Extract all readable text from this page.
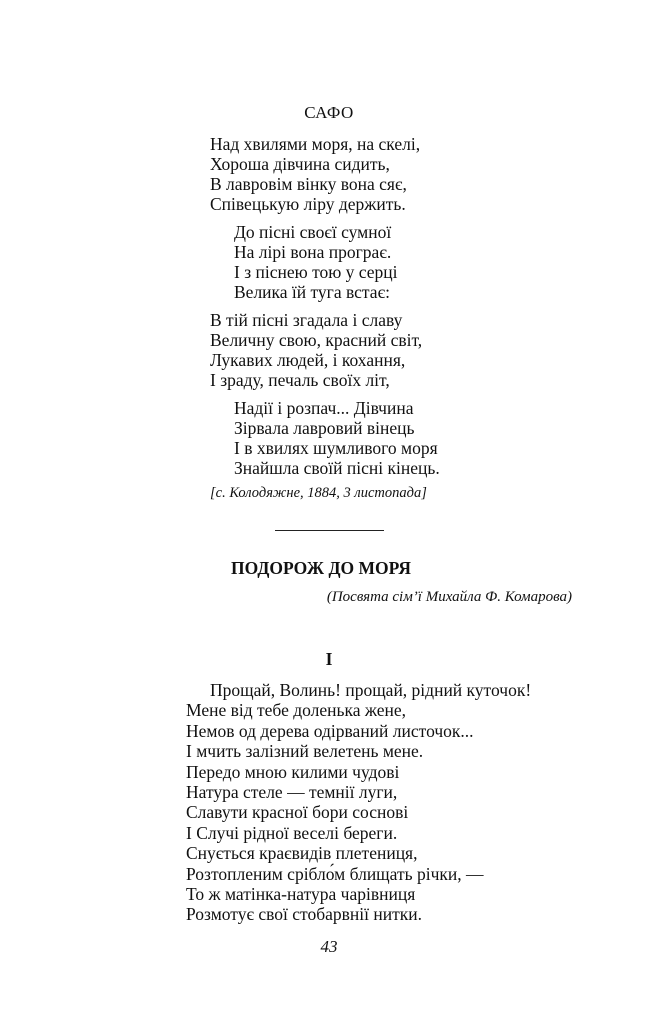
САФО
Над хвилями моря, на скелі,
Хороша дівчина сидить,
В лавровім вінку вона сяє,
Співецькую ліру держить.
До пісні своєї сумної
На лірі вона програє.
І з піснею тою у серці
Велика їй туга встає:
В тій пісні згадала і славу
Величну свою, красний світ,
Лукавих людей, і кохання,
І зраду, печаль своїх літ,
Надії і розпач... Дівчина
Зірвала лавровий вінець
І в хвилях шумливого моря
Знайшла своїй пісні кінець.
[с. Колодяжне, 1884, 3 листопада]
ПОДОРОЖ ДО МОРЯ
(Посвята сім’ї Михайла Ф. Комарова)
I
Прощай, Волинь! прощай, рідний куточок!
Мене від тебе доленька жене,
Немов од дерева одірваний листочок...
І мчить залізний велетень мене.
Передо мною килими чудові
Натура стеле — темнії луги,
Славути красної бори соснові
І Случі рідної веселі береги.
Снується краєвидів плетениця,
Розтопленим срібло́м блищать річки, —
То ж матінка-натура чарівниця
Розмотує свої стобарвнії нитки.
43
